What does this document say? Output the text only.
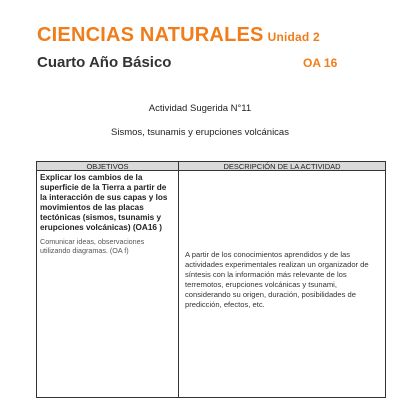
CIENCIAS NATURALES Unidad 2
Cuarto Año Básico	OA 16
Actividad Sugerida N°11
Sismos, tsunamis y erupciones volcánicas
OBJETIVOS	DESCRIPCIÓN DE LA ACTIVIDAD
Explicar los cambios de la superficie de la Tierra a partir de la interacción de sus capas y los movimientos de las placas tectónicas (sismos, tsunamis y erupciones volcánicas) (OA16 )
Comunicar ideas, observaciones utilizando diagramas. (OA f)	A partir de los conocimientos aprendidos y de las actividades experimentales realizan un organizador de síntesis con la información más relevante de los terremotos, erupciones volcánicas y tsunami, considerando su origen, duración, posibilidades de predicción, efectos, etc.
